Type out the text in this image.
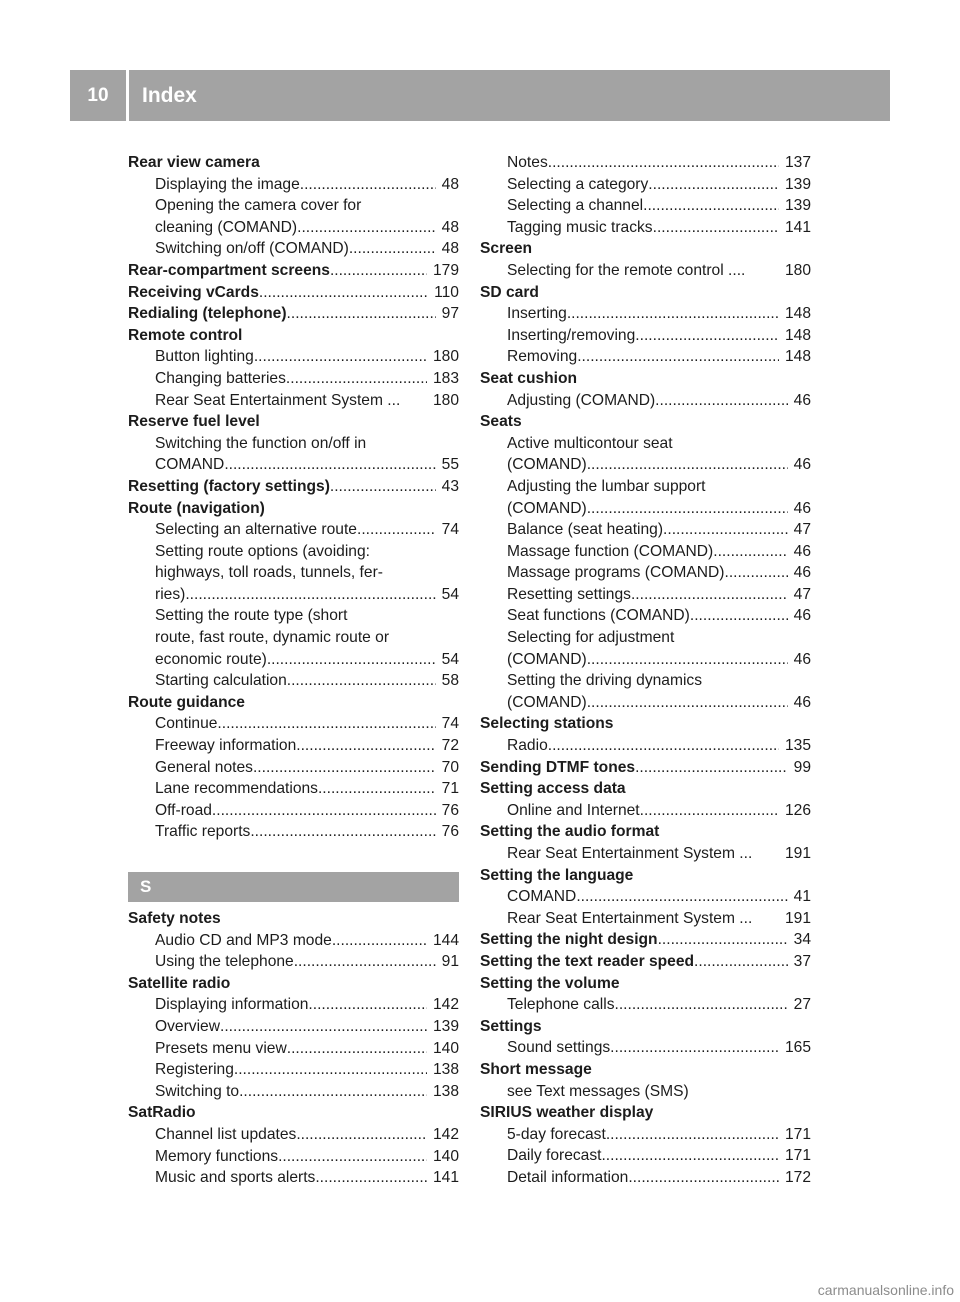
10	Index
Rear view camera
Displaying the image .....	48
Opening the camera cover for
cleaning (COMAND) .....	48
Switching on/off (COMAND) .....	48
Rear-compartment screens .....	179
Receiving vCards .....	110
Redialing (telephone) .....	97
Remote control
Button lighting .....	180
Changing batteries .....	183
Rear Seat Entertainment System ...	180
Reserve fuel level
Switching the function on/off in
COMAND .....	55
Resetting (factory settings) .....	43
Route (navigation)
Selecting an alternative route .....	74
Setting route options (avoiding:
highways, toll roads, tunnels, fer-
ries) .....	54
Setting the route type (short
route, fast route, dynamic route or
economic route) .....	54
Starting calculation .....	58
Route guidance
Continue .....	74
Freeway information .....	72
General notes .....	70
Lane recommendations .....	71
Off-road .....	76
Traffic reports .....	76
S
Safety notes
Audio CD and MP3 mode .....	144
Using the telephone .....	91
Satellite radio
Displaying information .....	142
Overview .....	139
Presets menu view .....	140
Registering .....	138
Switching to .....	138
SatRadio
Channel list updates .....	142
Memory functions .....	140
Music and sports alerts .....	141
Notes .....	137
Selecting a category .....	139
Selecting a channel .....	139
Tagging music tracks .....	141
Screen
Selecting for the remote control ....	180
SD card
Inserting .....	148
Inserting/removing .....	148
Removing .....	148
Seat cushion
Adjusting (COMAND) .....	46
Seats
Active multicontour seat
(COMAND) .....	46
Adjusting the lumbar support
(COMAND) .....	46
Balance (seat heating) .....	47
Massage function (COMAND) .....	46
Massage programs (COMAND) .....	46
Resetting settings .....	47
Seat functions (COMAND) .....	46
Selecting for adjustment
(COMAND) .....	46
Setting the driving dynamics
(COMAND) .....	46
Selecting stations
Radio .....	135
Sending DTMF tones .....	99
Setting access data
Online and Internet .....	126
Setting the audio format
Rear Seat Entertainment System ...	191
Setting the language
COMAND .....	41
Rear Seat Entertainment System ...	191
Setting the night design .....	34
Setting the text reader speed .....	37
Setting the volume
Telephone calls .....	27
Settings
Sound settings .....	165
Short message
see Text messages (SMS)
SIRIUS weather display
5-day forecast .....	171
Daily forecast .....	171
Detail information .....	172
carmanualsonline.info
